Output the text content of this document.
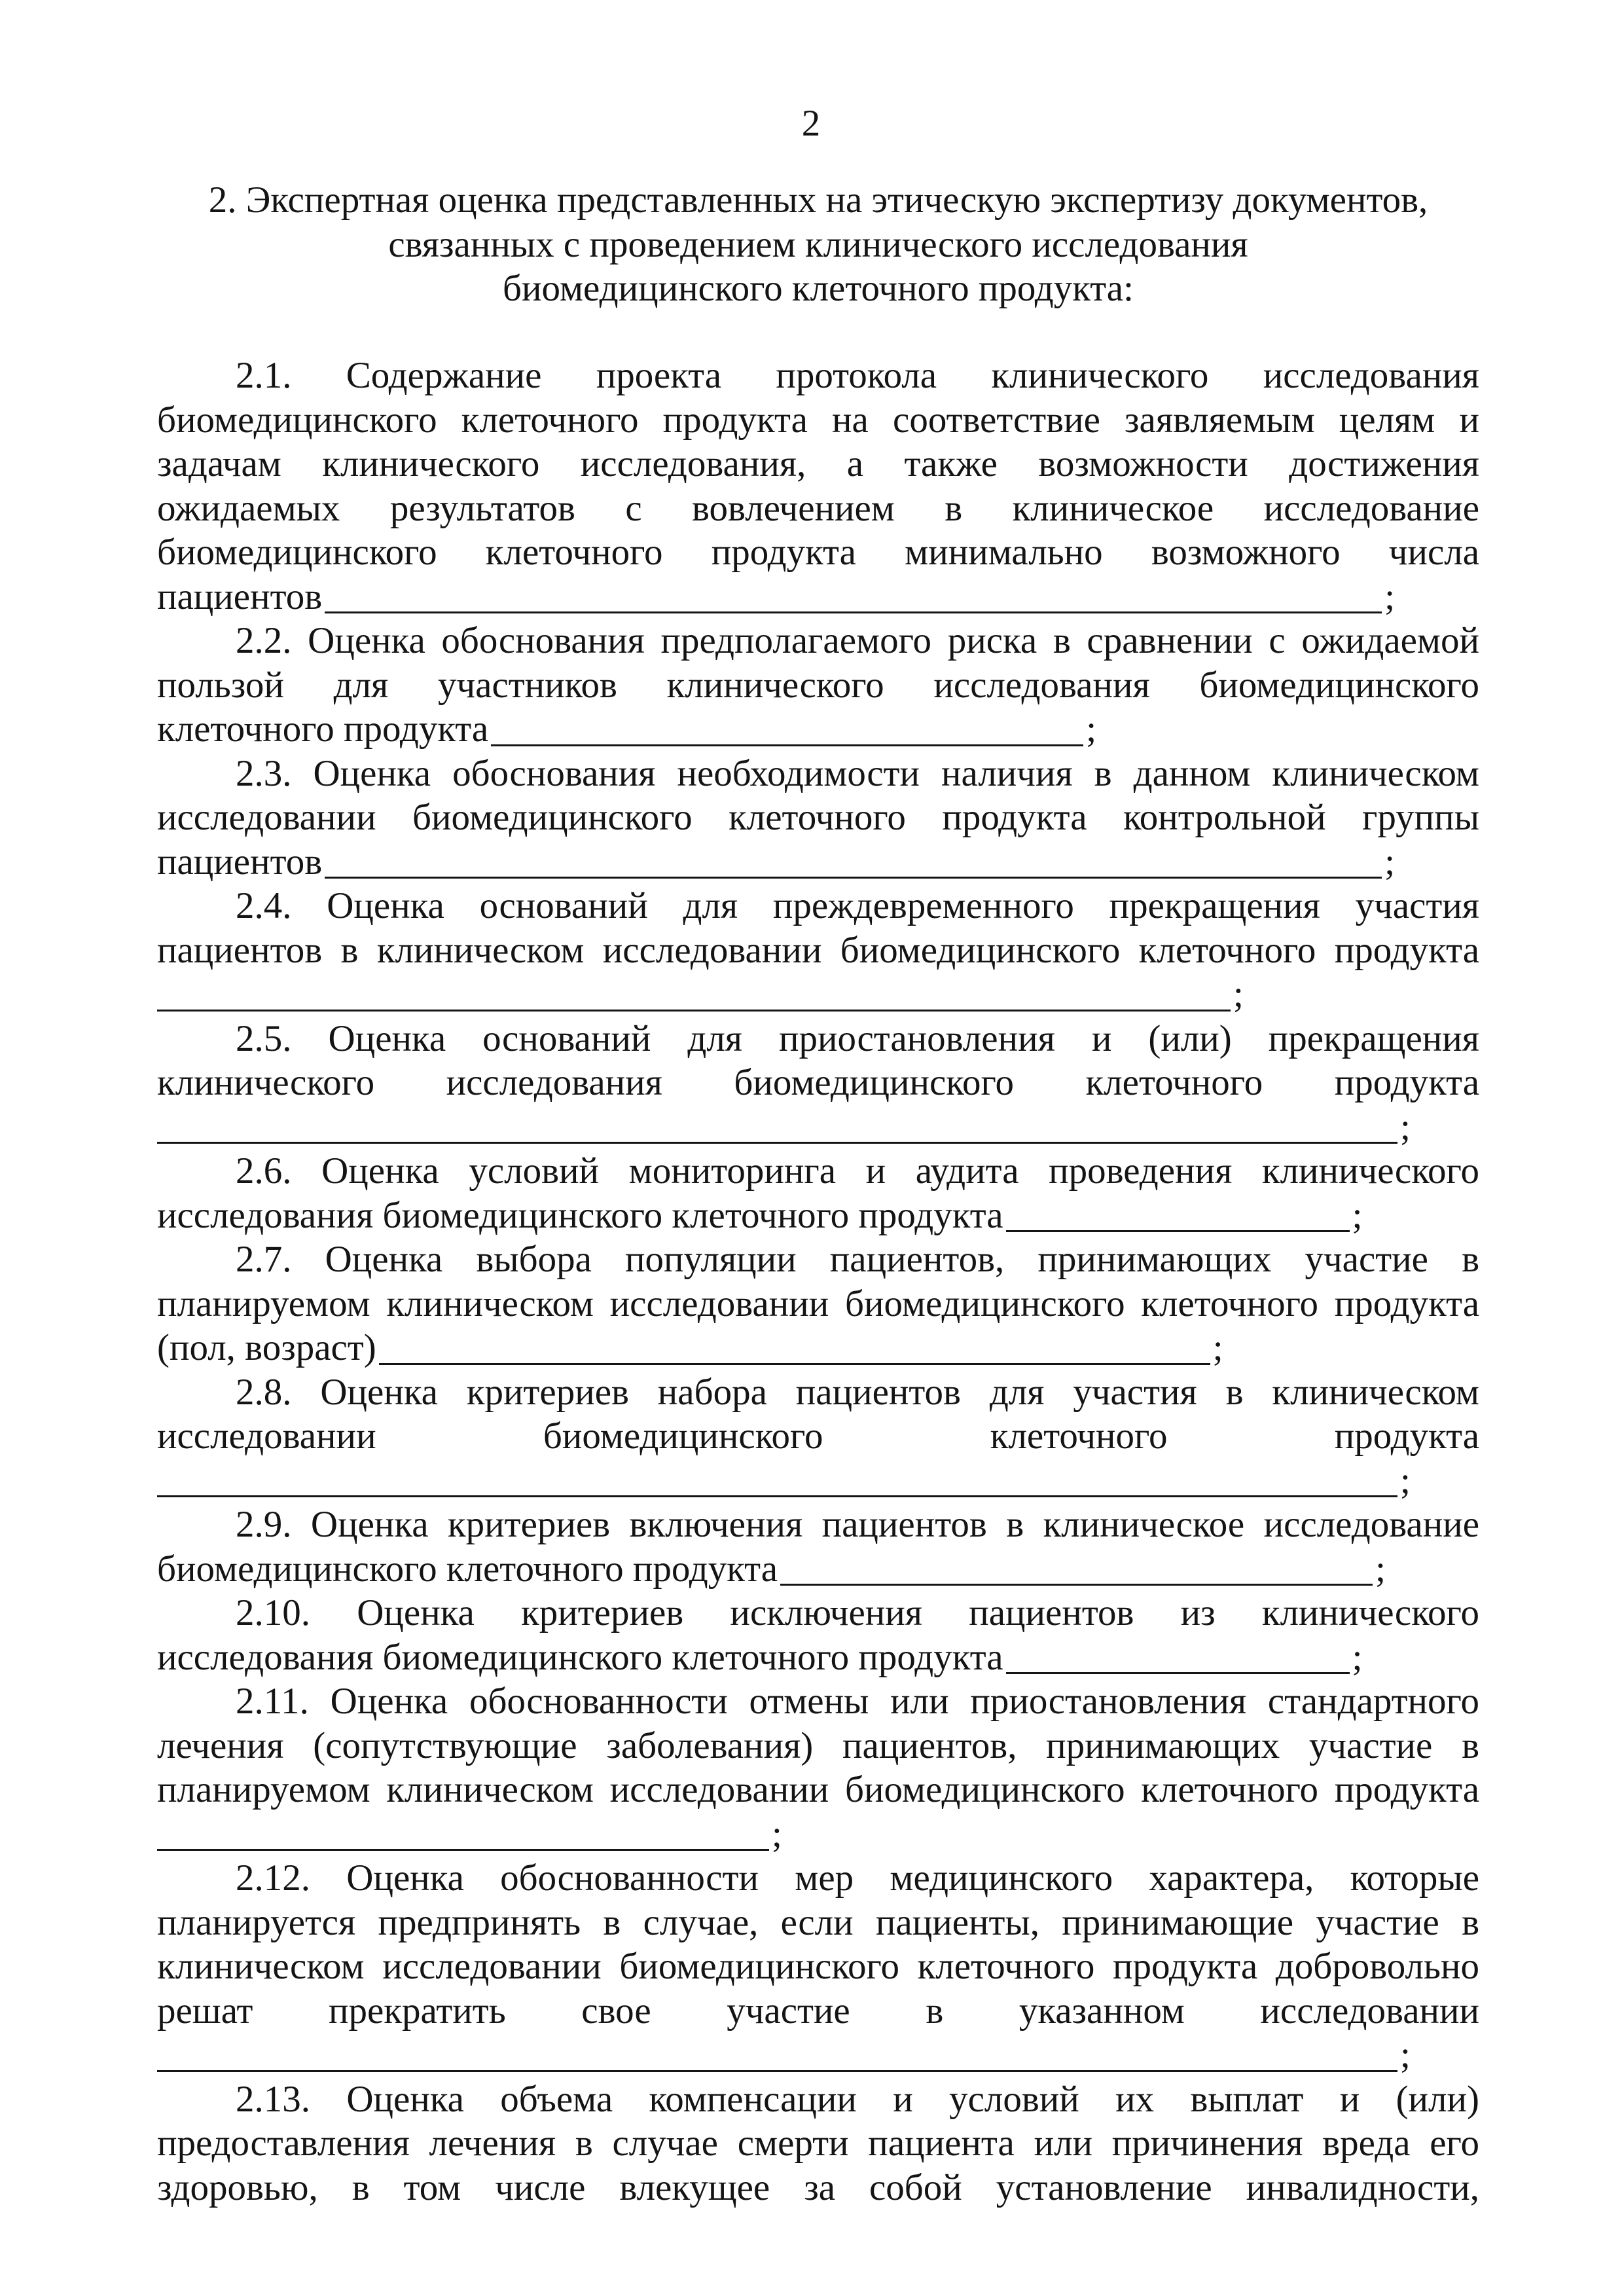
2
2. Экспертная оценка представленных на этическую экспертизу документов,
связанных с проведением клинического исследования
биомедицинского клеточного продукта:
2.1. Содержание проекта протокола клинического исследования биомедицинского клеточного продукта на соответствие заявляемым целям и задачам клинического исследования, а также возможности достижения ожидаемых результатов с вовлечением в клиническое исследование биомедицинского клеточного продукта минимально возможного числа
пациентов	;
2.2. Оценка обоснования предполагаемого риска в сравнении с ожидаемой пользой для участников клинического исследования биомедицинского
клеточного продукта	;
2.3. Оценка обоснования необходимости наличия в данном клиническом исследовании биомедицинского клеточного продукта контрольной группы
пациентов	;
2.4. Оценка оснований для преждевременного прекращения участия пациентов в клиническом исследовании биомедицинского клеточного продукта
;
2.5. Оценка оснований для приостановления и (или) прекращения клинического исследования биомедицинского клеточного продукта
;
2.6. Оценка условий мониторинга и аудита проведения клинического
исследования биомедицинского клеточного продукта	;
2.7. Оценка выбора популяции пациентов, принимающих участие в планируемом клиническом исследовании биомедицинского клеточного продукта
(пол, возраст)	;
2.8. Оценка критериев набора пациентов для участия в клиническом исследовании биомедицинского клеточного продукта
;
2.9. Оценка критериев включения пациентов в клиническое исследование
биомедицинского клеточного продукта	;
2.10. Оценка критериев исключения пациентов из клинического
исследования биомедицинского клеточного продукта	;
2.11. Оценка обоснованности отмены или приостановления стандартного лечения (сопутствующие заболевания) пациентов, принимающих участие в планируемом клиническом исследовании биомедицинского клеточного продукта
;
2.12. Оценка обоснованности мер медицинского характера, которые планируется предпринять в случае, если пациенты, принимающие участие в клиническом исследовании биомедицинского клеточного продукта добровольно решат прекратить свое участие в указанном исследовании
;
2.13. Оценка объема компенсации и условий их выплат и (или) предоставления лечения в случае смерти пациента или причинения вреда его здоровью, в том числе влекущее за собой установление инвалидности,
